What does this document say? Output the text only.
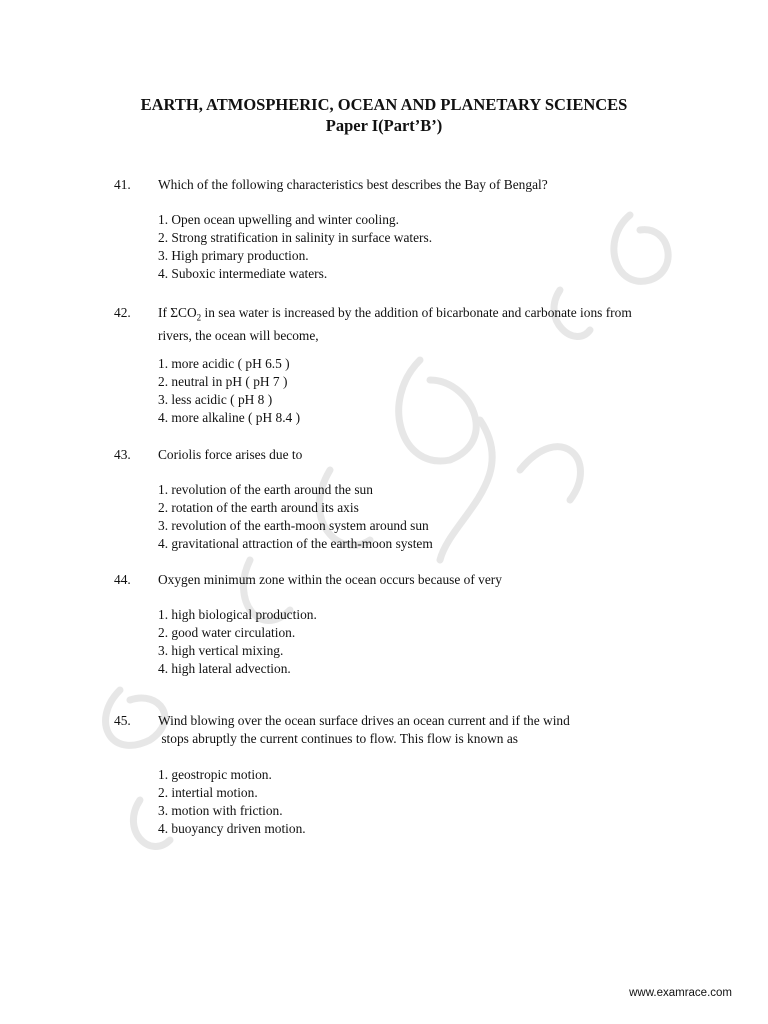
EARTH, ATMOSPHERIC, OCEAN AND PLANETARY SCIENCES
Paper I(Part’B’)
41. Which of the following characteristics best describes the Bay of Bengal?
1. Open ocean upwelling and winter cooling.
2. Strong stratification in salinity in surface waters.
3. High primary production.
4. Suboxic intermediate waters.
42. If $\Sigma CO_2$ in sea water is increased by the addition of bicarbonate and carbonate ions from rivers, the ocean will become,
1. more acidic ( pH 6.5 )
2. neutral in pH ( pH 7 )
3. less acidic ( pH 8 )
4. more alkaline ( pH 8.4 )
43. Coriolis force arises due to
1. revolution of the earth around the sun
2. rotation of the earth around its axis
3. revolution of the earth-moon system around sun
4. gravitational attraction of the earth-moon system
44. Oxygen minimum zone within the ocean occurs because of very
1. high biological production.
2. good water circulation.
3. high vertical mixing.
4. high lateral advection.
45. Wind blowing over the ocean surface drives an ocean current and if the wind
stops abruptly the current continues to flow. This flow is known as
1. geostropic motion.
2. intertial motion.
3. motion with friction.
4. buoyancy driven motion.
www.examrace.com
